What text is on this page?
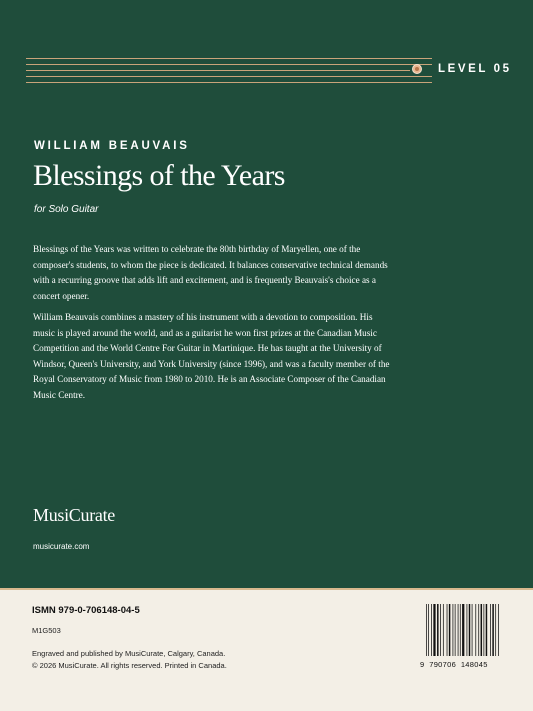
LEVEL 05
WILLIAM BEAUVAIS
Blessings of the Years
for Solo Guitar
Blessings of the Years was written to celebrate the 80th birthday of Maryellen, one of the composer's students, to whom the piece is dedicated. It balances conservative technical demands with a recurring groove that adds lift and excitement, and is frequently Beauvais's choice as a concert opener.
William Beauvais combines a mastery of his instrument with a devotion to composition. His music is played around the world, and as a guitarist he won first prizes at the Canadian Music Competition and the World Centre For Guitar in Martinique. He has taught at the University of Windsor, Queen's University, and York University (since 1996), and was a faculty member of the Royal Conservatory of Music from 1980 to 2010. He is an Associate Composer of the Canadian Music Centre.
MusiCurate
musicurate.com
ISMN 979-0-706148-04-5
M1G503
Engraved and published by MusiCurate, Calgary, Canada.
© 2026 MusiCurate. All rights reserved. Printed in Canada.	9  790706  148045
